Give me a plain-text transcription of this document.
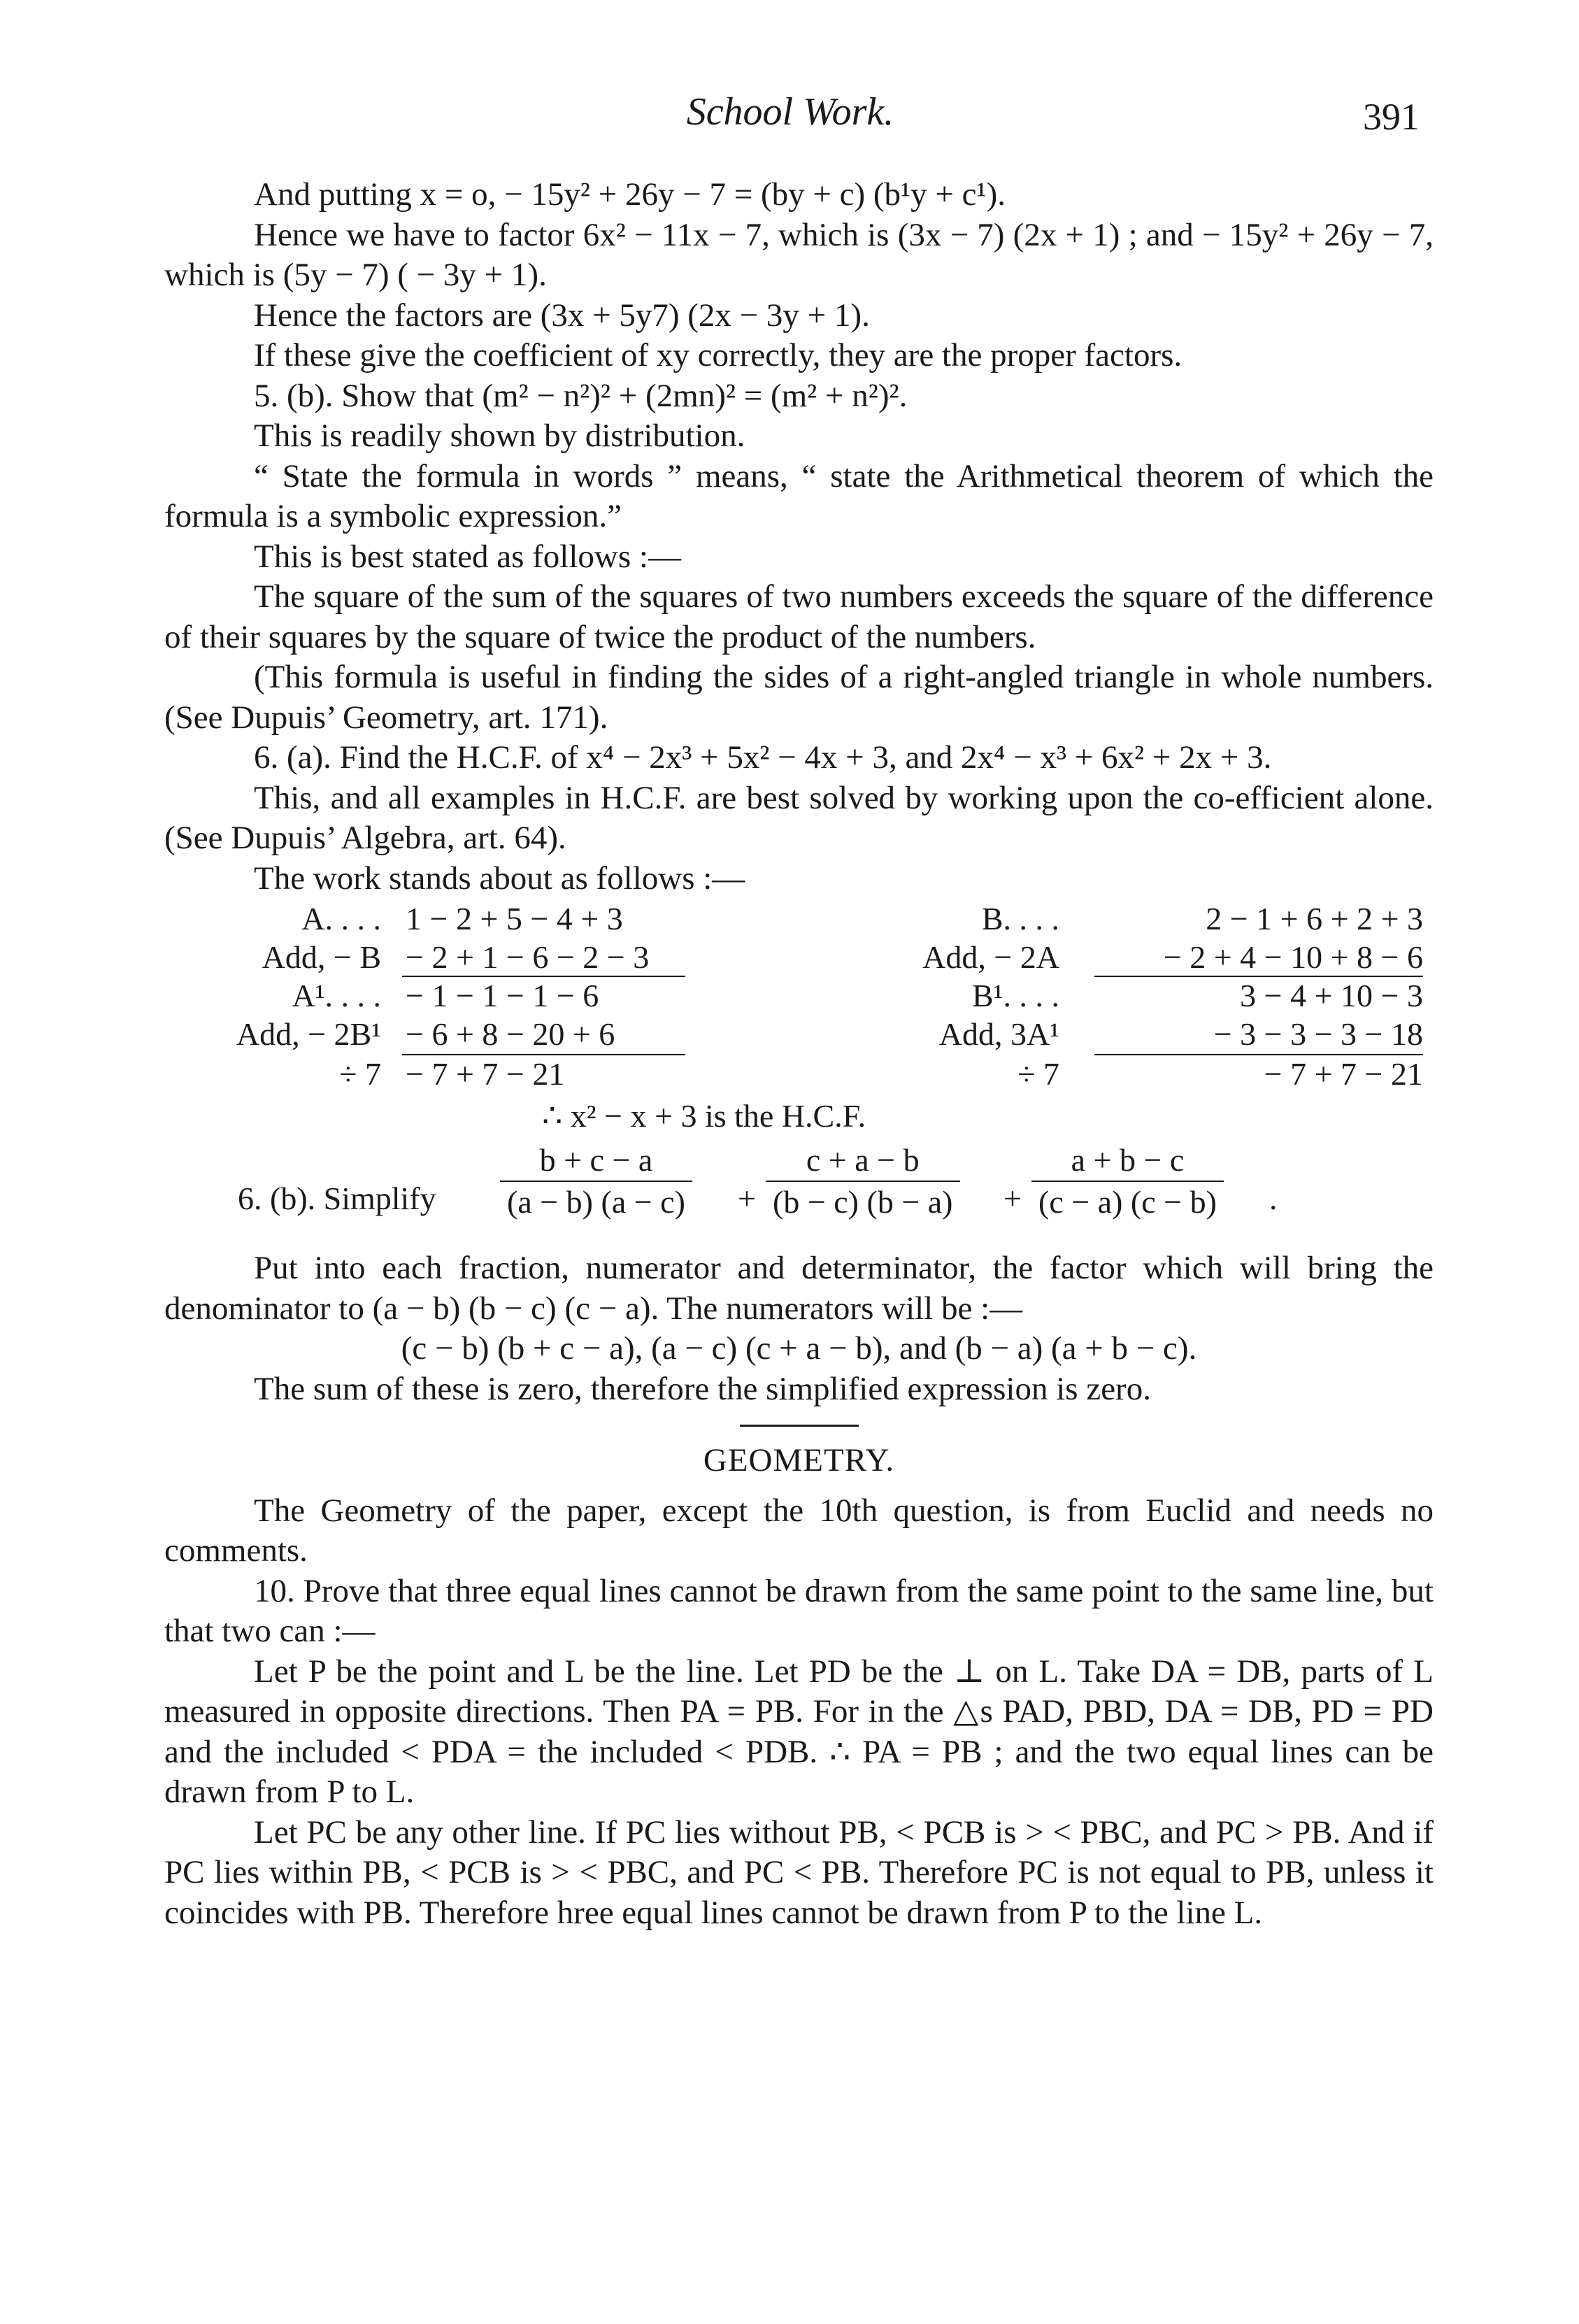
School Work.	391

And putting x = o, − 15y² + 26y − 7 = (by + c) (b¹y + c¹).

Hence we have to factor 6x² − 11x − 7, which is (3x − 7) (2x + 1) ; and − 15y² + 26y − 7, which is (5y − 7) ( − 3y + 1).

Hence the factors are (3x + 5y7) (2x − 3y + 1).

If these give the coefficient of xy correctly, they are the proper factors.

5. (b). Show that (m² − n²)² + (2mn)² = (m² + n²)².

This is readily shown by distribution.

“ State the formula in words ” means, “ state the Arithmetical theorem of which the formula is a symbolic expression.”

This is best stated as follows :—

The square of the sum of the squares of two numbers exceeds the square of the difference of their squares by the square of twice the product of the numbers.

(This formula is useful in finding the sides of a right-angled triangle in whole numbers. (See Dupuis’ Geometry, art. 171).

6. (a). Find the H.C.F. of x⁴ − 2x³ + 5x² − 4x + 3, and 2x⁴ − x³ + 6x² + 2x + 3.

This, and all examples in H.C.F. are best solved by working upon the co-efficient alone. (See Dupuis’ Algebra, art. 64).

The work stands about as follows :—

A. . . . 1 − 2 + 5 − 4 + 3
Add, − B − 2 + 1 − 6 − 2 − 3
A¹. . . . − 1 − 1 − 1 − 6
Add, − 2B¹ − 6 + 8 − 20 + 6
÷ 7 − 7 + 7 − 21
B. . . .	2 − 1 + 6 + 2 + 3
Add, − 2A	− 2 + 4 − 10 + 8 − 6
B¹. . . .	3 − 4 + 10 − 3
Add, 3A¹	− 3 − 3 − 3 − 18
÷ 7	− 7 + 7 − 21
∴ x² − x + 3 is the H.C.F.
6. (b). Simplify $\frac{b + c - a}{(a - b) (a - c)} + \frac{c + a - b}{(b - c) (b - a)} + \frac{a + b - c}{(c - a) (c - b)}$ .

Put into each fraction, numerator and determinator, the factor which will bring the denominator to (a − b) (b − c) (c − a). The numerators will be :—

(c − b) (b + c − a), (a − c) (c + a − b), and (b − a) (a + b − c).

The sum of these is zero, therefore the simplified expression is zero.

GEOMETRY.

The Geometry of the paper, except the 10th question, is from Euclid and needs no comments.

10. Prove that three equal lines cannot be drawn from the same point to the same line, but that two can :—

Let P be the point and L be the line. Let PD be the ⊥ on L. Take DA = DB, parts of L measured in opposite directions. Then PA = PB. For in the △s PAD, PBD, DA = DB, PD = PD and the included < PDA = the included < PDB. ∴ PA = PB ; and the two equal lines can be drawn from P to L.

Let PC be any other line. If PC lies without PB, < PCB is > < PBC, and PC > PB. And if PC lies within PB, < PCB is > < PBC, and PC < PB. Therefore PC is not equal to PB, unless it coincides with PB. Therefore hree equal lines cannot be drawn from P to the line L.
